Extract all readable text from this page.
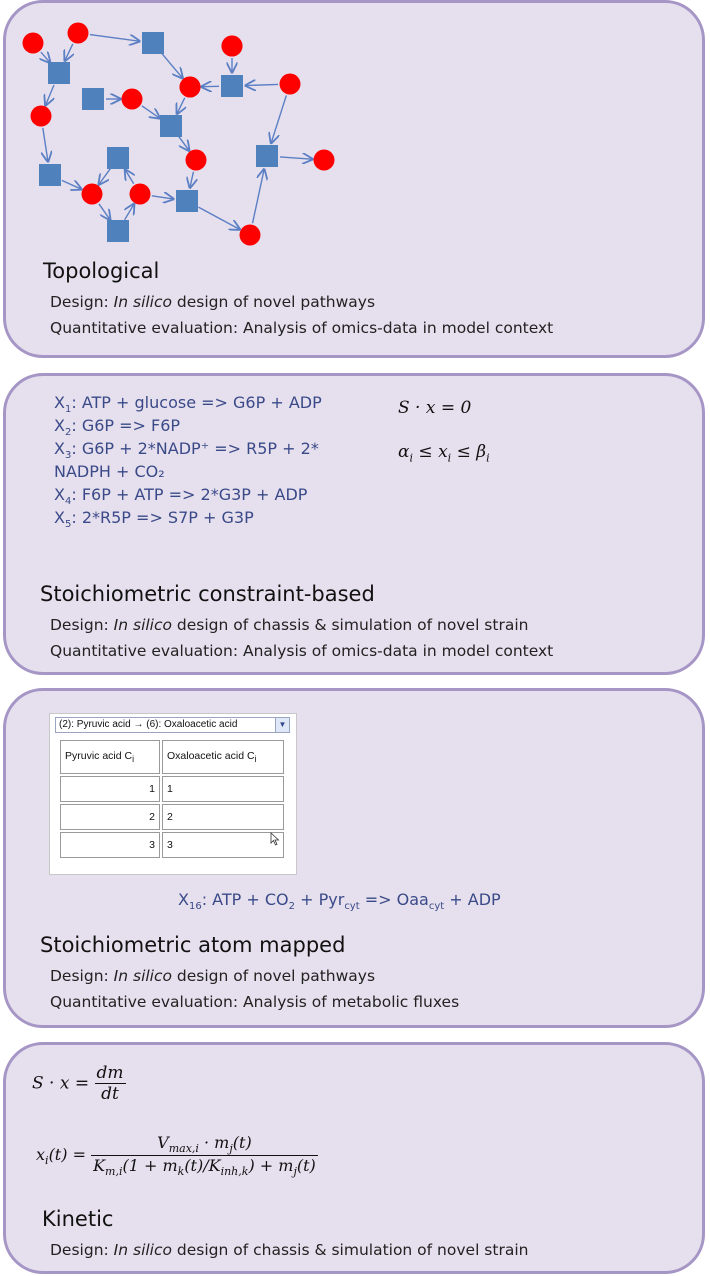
Topological
Design: In silico design of novel pathways
Quantitative evaluation: Analysis of omics-data in model context
$X_1$: ATP + glucose => G6P + ADP
$X_2$: G6P => F6P
$X_3$: G6P + 2*NADP⁺ => R5P + 2*
NADPH + CO₂
$X_4$: F6P + ATP => 2*G3P + ADP
$X_5$: 2*R5P => S7P + G3P
S · x = 0
$\alpha_i \le x_i \le \beta_i$
Stoichiometric constraint-based
Design: In silico design of chassis & simulation of novel strain
Quantitative evaluation: Analysis of omics-data in model context
(2): Pyruvic acid → (6): Oxaloacetic acid	▼
Pyruvic acid $C_i$	Oxaloacetic acid $C_i$
1	1
2	2
3	3
$X_{16}$: ATP + $CO_2 + Pyr_{cyt} => Oaa_{cyt}$ + ADP
Stoichiometric atom mapped
Design: In silico design of novel pathways
Quantitative evaluation: Analysis of metabolic fluxes
$S \cdot x = \frac{dm}{dt}$
$x_i(t) = \frac{V_{max,i} \cdot m_j(t)}{K_{m,i}(1 + m_k(t)/K_{inh,k}) + m_j(t)}$
Kinetic
Design: In silico design of chassis & simulation of novel strain
